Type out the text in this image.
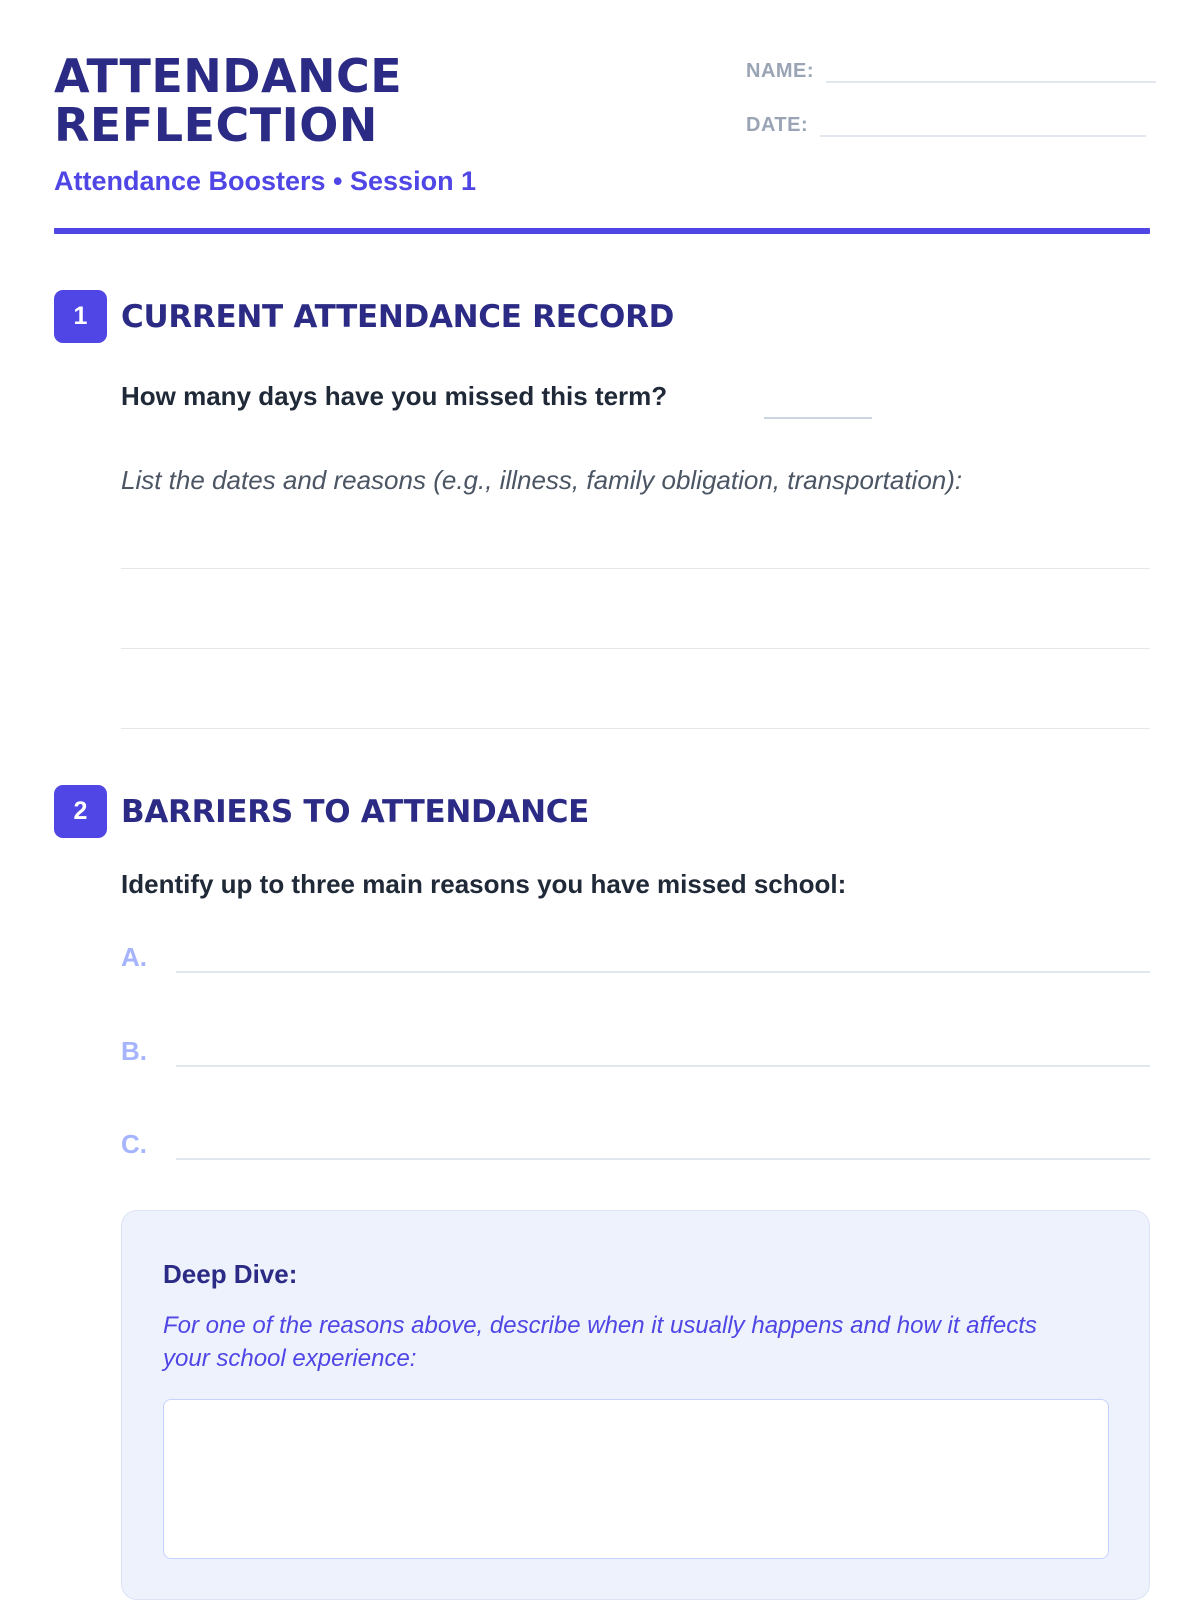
ATTENDANCE
REFLECTION

Attendance Boosters • Session 1

NAME:
DATE:
1	CURRENT ATTENDANCE RECORD
How many days have you missed this term?
List the dates and reasons (e.g., illness, family obligation, transportation):
2	BARRIERS TO ATTENDANCE
Identify up to three main reasons you have missed school:
A.
B.
C.
Deep Dive:
For one of the reasons above, describe when it usually happens and how it affects your school experience:
